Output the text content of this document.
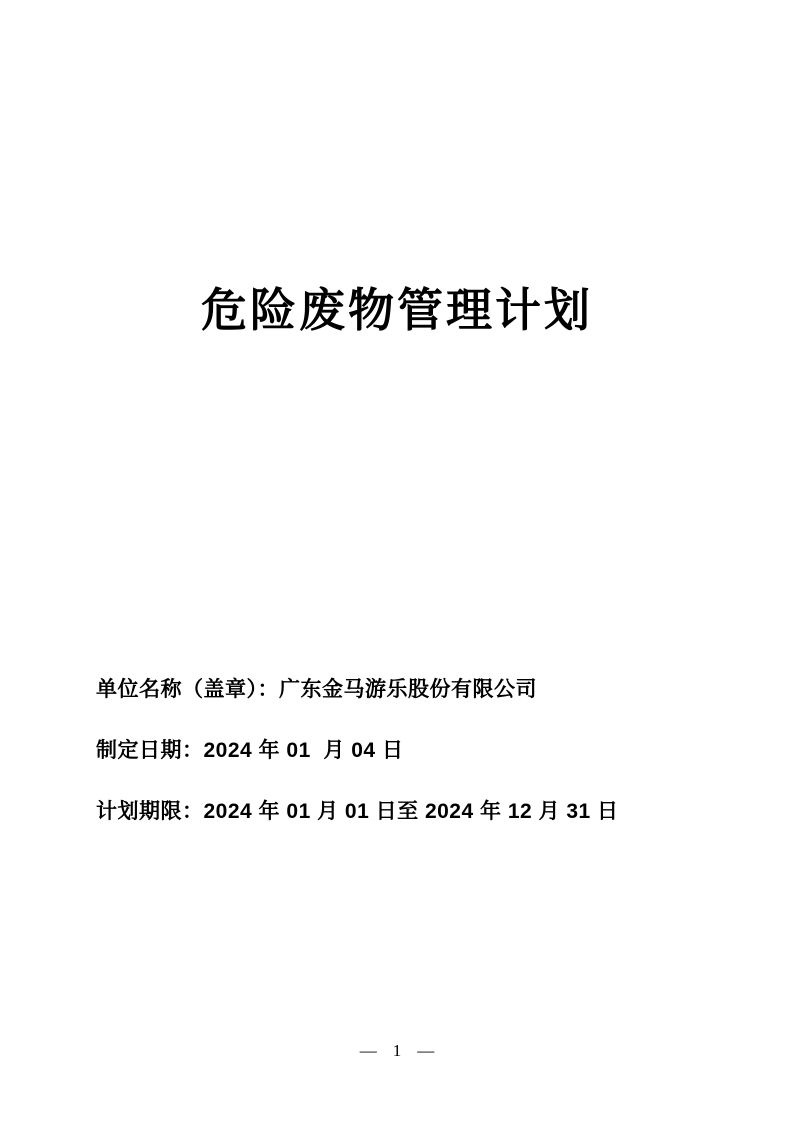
危险废物管理计划
单位名称（盖章）：广东金马游乐股份有限公司
制定日期：2024 年 01  月 04 日
计划期限：2024 年 01 月 01 日至 2024 年 12 月 31 日
— 1 —
